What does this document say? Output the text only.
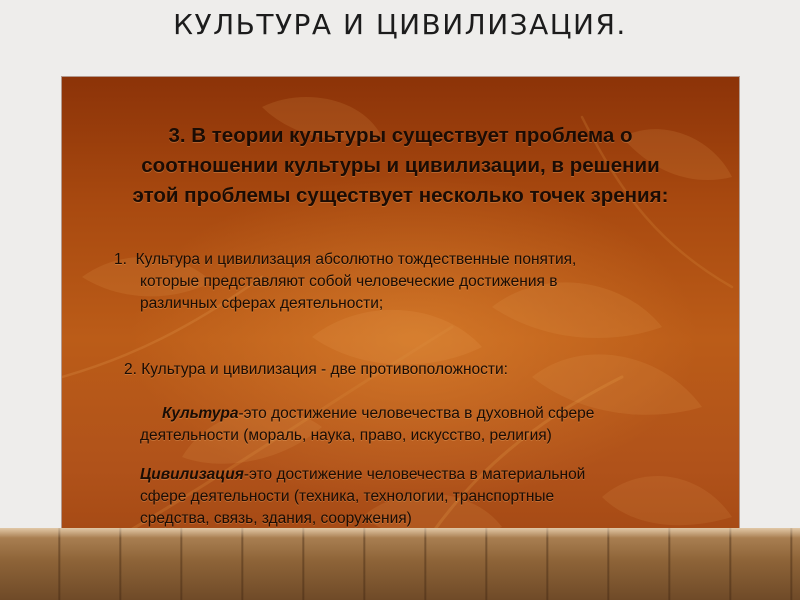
КУЛЬТУРА И ЦИВИЛИЗАЦИЯ.
3. В теории культуры существует проблема о
соотношении культуры и цивилизации, в решении
этой проблемы существует несколько точек зрения:

1. Культура и цивилизация абсолютно тождественные понятия,
которые представляют собой человеческие достижения в
различных сферах деятельности;

2. Культура и цивилизация - две противоположности:

Культура-это достижение человечества в духовной сфере
деятельности (мораль, наука, право, искусство, религия)

Цивилизация-это достижение человечества в материальной
сфере деятельности (техника, технологии, транспортные
средства, связь, здания, сооружения)
